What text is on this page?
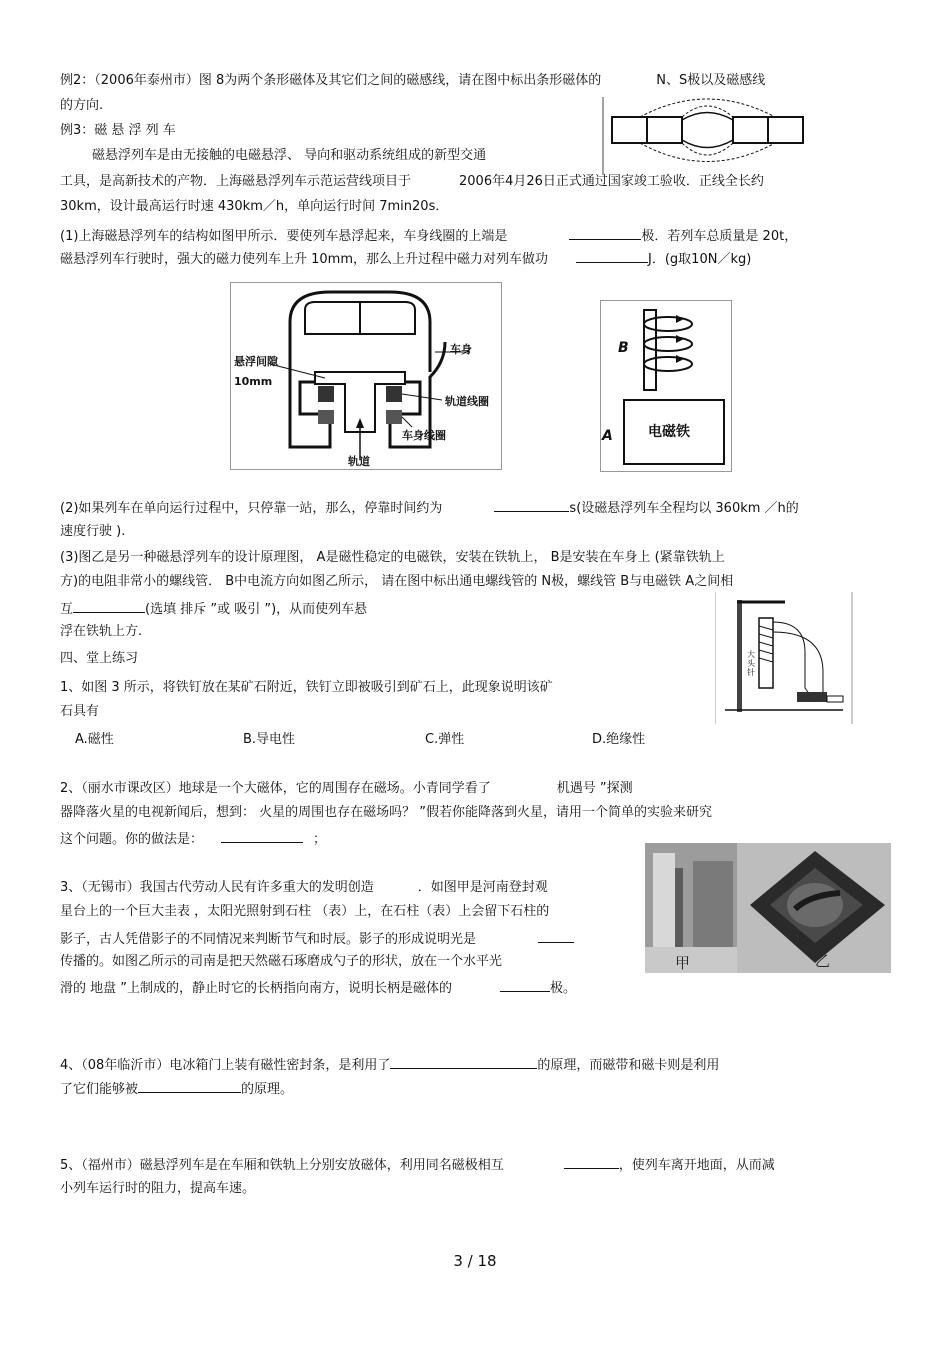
例2：（2006年泰州市）图 8为两个条形磁体及其它们之间的磁感线，请在图中标出条形磁体的	N、S极以及磁感线
的方向.
例3：磁 悬 浮 列 车
磁悬浮列车是由无接触的电磁悬浮、 导向和驱动系统组成的新型交通
工具，是高新技术的产物．上海磁悬浮列车示范运营线项目于	2006年4月26日正式通过国家竣工验收．正线全长约
30km，设计最高运行时速 430km／h，单向运行时间 7min20s．
(1)上海磁悬浮列车的结构如图甲所示．要使列车悬浮起来，车身线圈的上端是	极．若列车总质量是 20t，
磁悬浮列车行驶时，强大的磁力使列车上升 10mm，那么上升过程中磁力对列车做功	J．(g取10N／kg)
悬浮间隙
10mm
车身
轨道线圈
车身线圈
轨道
B
A	电磁铁
(2)如果列车在单向运行过程中，只停靠一站，那么，停靠时间约为	s(设磁悬浮列车全程均以 360km ／h的
速度行驶 ).
(3)图乙是另一种磁悬浮列车的设计原理图， A是磁性稳定的电磁铁，安装在铁轨上， B是安装在车身上 (紧靠铁轨上
方)的电阻非常小的螺线管． B中电流方向如图乙所示， 请在图中标出通电螺线管的 N极，螺线管 B与电磁铁 A之间相
互	(选填 排斥 ”或 吸引 ”)，从而使列车悬
浮在铁轨上方.
大头针
四、堂上练习
1、如图 3 所示，将铁钉放在某矿石附近，铁钉立即被吸引到矿石上，此现象说明该矿
石具有
A.磁性	B.导电性	C.弹性	D.绝缘性
2、（丽水市课改区）地球是一个大磁体，它的周围存在磁场。小青同学看了	机遇号 ”探测
器降落火星的电视新闻后，想到： 火星的周围也存在磁场吗？ ”假若你能降落到火星，请用一个简单的实验来研究
这个问题。你的做法是：	；
3、（无锡市）我国古代劳动人民有许多重大的发明创造	．如图甲是河南登封观
星台上的一个巨大圭表 ，太阳光照射到石柱 （表）上，在石柱（表）上会留下石柱的
影子，古人凭借影子的不同情况来判断节气和时辰。影子的形成说明光是
传播的。如图乙所示的司南是把天然磁石琢磨成勺子的形状，放在一个水平光
滑的 地盘 ”上制成的，静止时它的长柄指向南方，说明长柄是磁体的	极。
甲	乙
4、（08年临沂市）电冰箱门上装有磁性密封条，是利用了	的原理，而磁带和磁卡则是利用
了它们能够被	的原理。
5、（福州市）磁悬浮列车是在车厢和铁轨上分别安放磁体，利用同名磁极相互	，使列车离开地面，从而减
小列车运行时的阻力，提高车速。
3 / 18
